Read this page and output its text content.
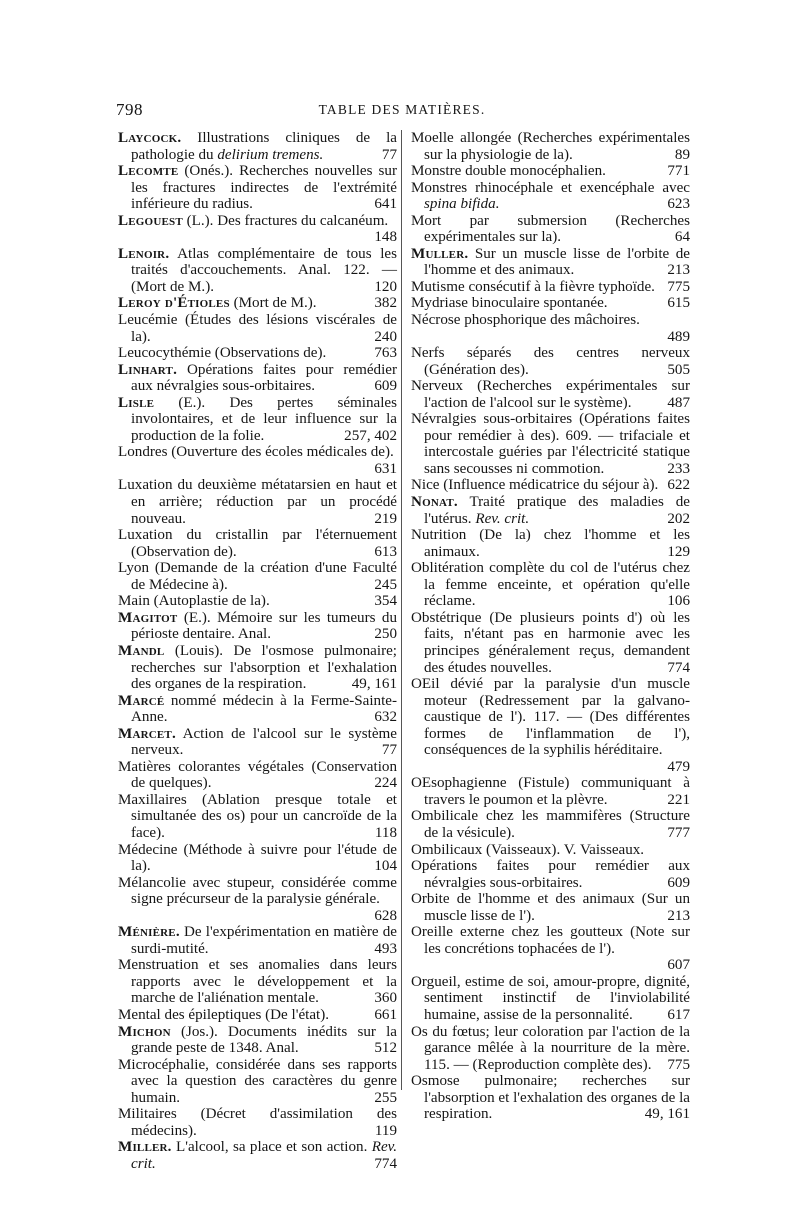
798	TABLE DES MATIÈRES.

Laycock. Illustrations cliniques de la pathologie du delirium tremens.	77

Lecomte (Onés.). Recherches nouvelles sur les fractures indirectes de l'extrémité inférieure du radius.	641

Legouest (L.). Des fractures du calcanéum.
148

Lenoir. Atlas complémentaire de tous les traités d'accouchements. Anal. 122. — (Mort de M.).	120

Leroy d'Étioles (Mort de M.).	382

Leucémie (Études des lésions viscérales de la).	240

Leucocythémie (Observations de).	763

Linhart. Opérations faites pour remédier aux névralgies sous-orbitaires.	609

Lisle (E.). Des pertes séminales involontaires, et de leur influence sur la production de la folie.	257, 402

Londres (Ouverture des écoles médicales de).
631

Luxation du deuxième métatarsien en haut et en arrière; réduction par un procédé nouveau.	219

Luxation du cristallin par l'éternuement (Observation de).	613

Lyon (Demande de la création d'une Faculté de Médecine à).	245

Main (Autoplastie de la).	354

Magitot (E.). Mémoire sur les tumeurs du périoste dentaire. Anal.	250

Mandl (Louis). De l'osmose pulmonaire; recherches sur l'absorption et l'exhalation des organes de la respiration.	49, 161

Marcé nommé médecin à la Ferme-Sainte-Anne.	632

Marcet. Action de l'alcool sur le système nerveux.	77

Matières colorantes végétales (Conservation de quelques).	224

Maxillaires (Ablation presque totale et simultanée des os) pour un cancroïde de la face).	118

Médecine (Méthode à suivre pour l'étude de la).	104

Mélancolie avec stupeur, considérée comme signe précurseur de la paralysie générale.
628

Ménière. De l'expérimentation en matière de surdi-mutité.	493

Menstruation et ses anomalies dans leurs rapports avec le développement et la marche de l'aliénation mentale.	360

Mental des épileptiques (De l'état).	661

Michon (Jos.). Documents inédits sur la grande peste de 1348. Anal.	512

Microcéphalie, considérée dans ses rapports avec la question des caractères du genre humain.	255

Militaires (Décret d'assimilation des médecins).	119

Miller. L'alcool, sa place et son action. Rev. crit.	774

Moelle allongée (Recherches expérimentales sur la physiologie de la).	89

Monstre double monocéphalien.	771

Monstres rhinocéphale et exencéphale avec spina bifida.	623

Mort par submersion (Recherches expérimentales sur la).	64

Muller. Sur un muscle lisse de l'orbite de l'homme et des animaux.	213

Mutisme consécutif à la fièvre typhoïde. 775

Mydriase binoculaire spontanée.	615

Nécrose phosphorique des mâchoires.
489

Nerfs séparés des centres nerveux (Génération des).	505

Nerveux (Recherches expérimentales sur l'action de l'alcool sur le système).	487

Névralgies sous-orbitaires (Opérations faites pour remédier à des). 609. — trifaciale et intercostale guéries par l'électricité statique sans secousses ni commotion.	233

Nice (Influence médicatrice du séjour à). 622

Nonat. Traité pratique des maladies de l'utérus. Rev. crit.	202

Nutrition (De la) chez l'homme et les animaux.	129

Oblitération complète du col de l'utérus chez la femme enceinte, et opération qu'elle réclame.	106

Obstétrique (De plusieurs points d') où les faits, n'étant pas en harmonie avec les principes généralement reçus, demandent des études nouvelles.	774

OEil dévié par la paralysie d'un muscle moteur (Redressement par la galvano-caustique de l'). 117. — (Des différentes formes de l'inflammation de l'), conséquences de la syphilis héréditaire.
479

OEsophagienne (Fistule) communiquant à travers le poumon et la plèvre.	221

Ombilicale chez les mammifères (Structure de la vésicule).	777

Ombilicaux (Vaisseaux). V. Vaisseaux.

Opérations faites pour remédier aux névralgies sous-orbitaires.	609

Orbite de l'homme et des animaux (Sur un muscle lisse de l').	213

Oreille externe chez les goutteux (Note sur les concrétions tophacées de l').
607

Orgueil, estime de soi, amour-propre, dignité, sentiment instinctif de l'inviolabilité humaine, assise de la personnalité.	617

Os du fœtus; leur coloration par l'action de la garance mêlée à la nourriture de la mère. 115. — (Reproduction complète des).	775

Osmose pulmonaire; recherches sur l'absorption et l'exhalation des organes de la respiration.	49, 161
